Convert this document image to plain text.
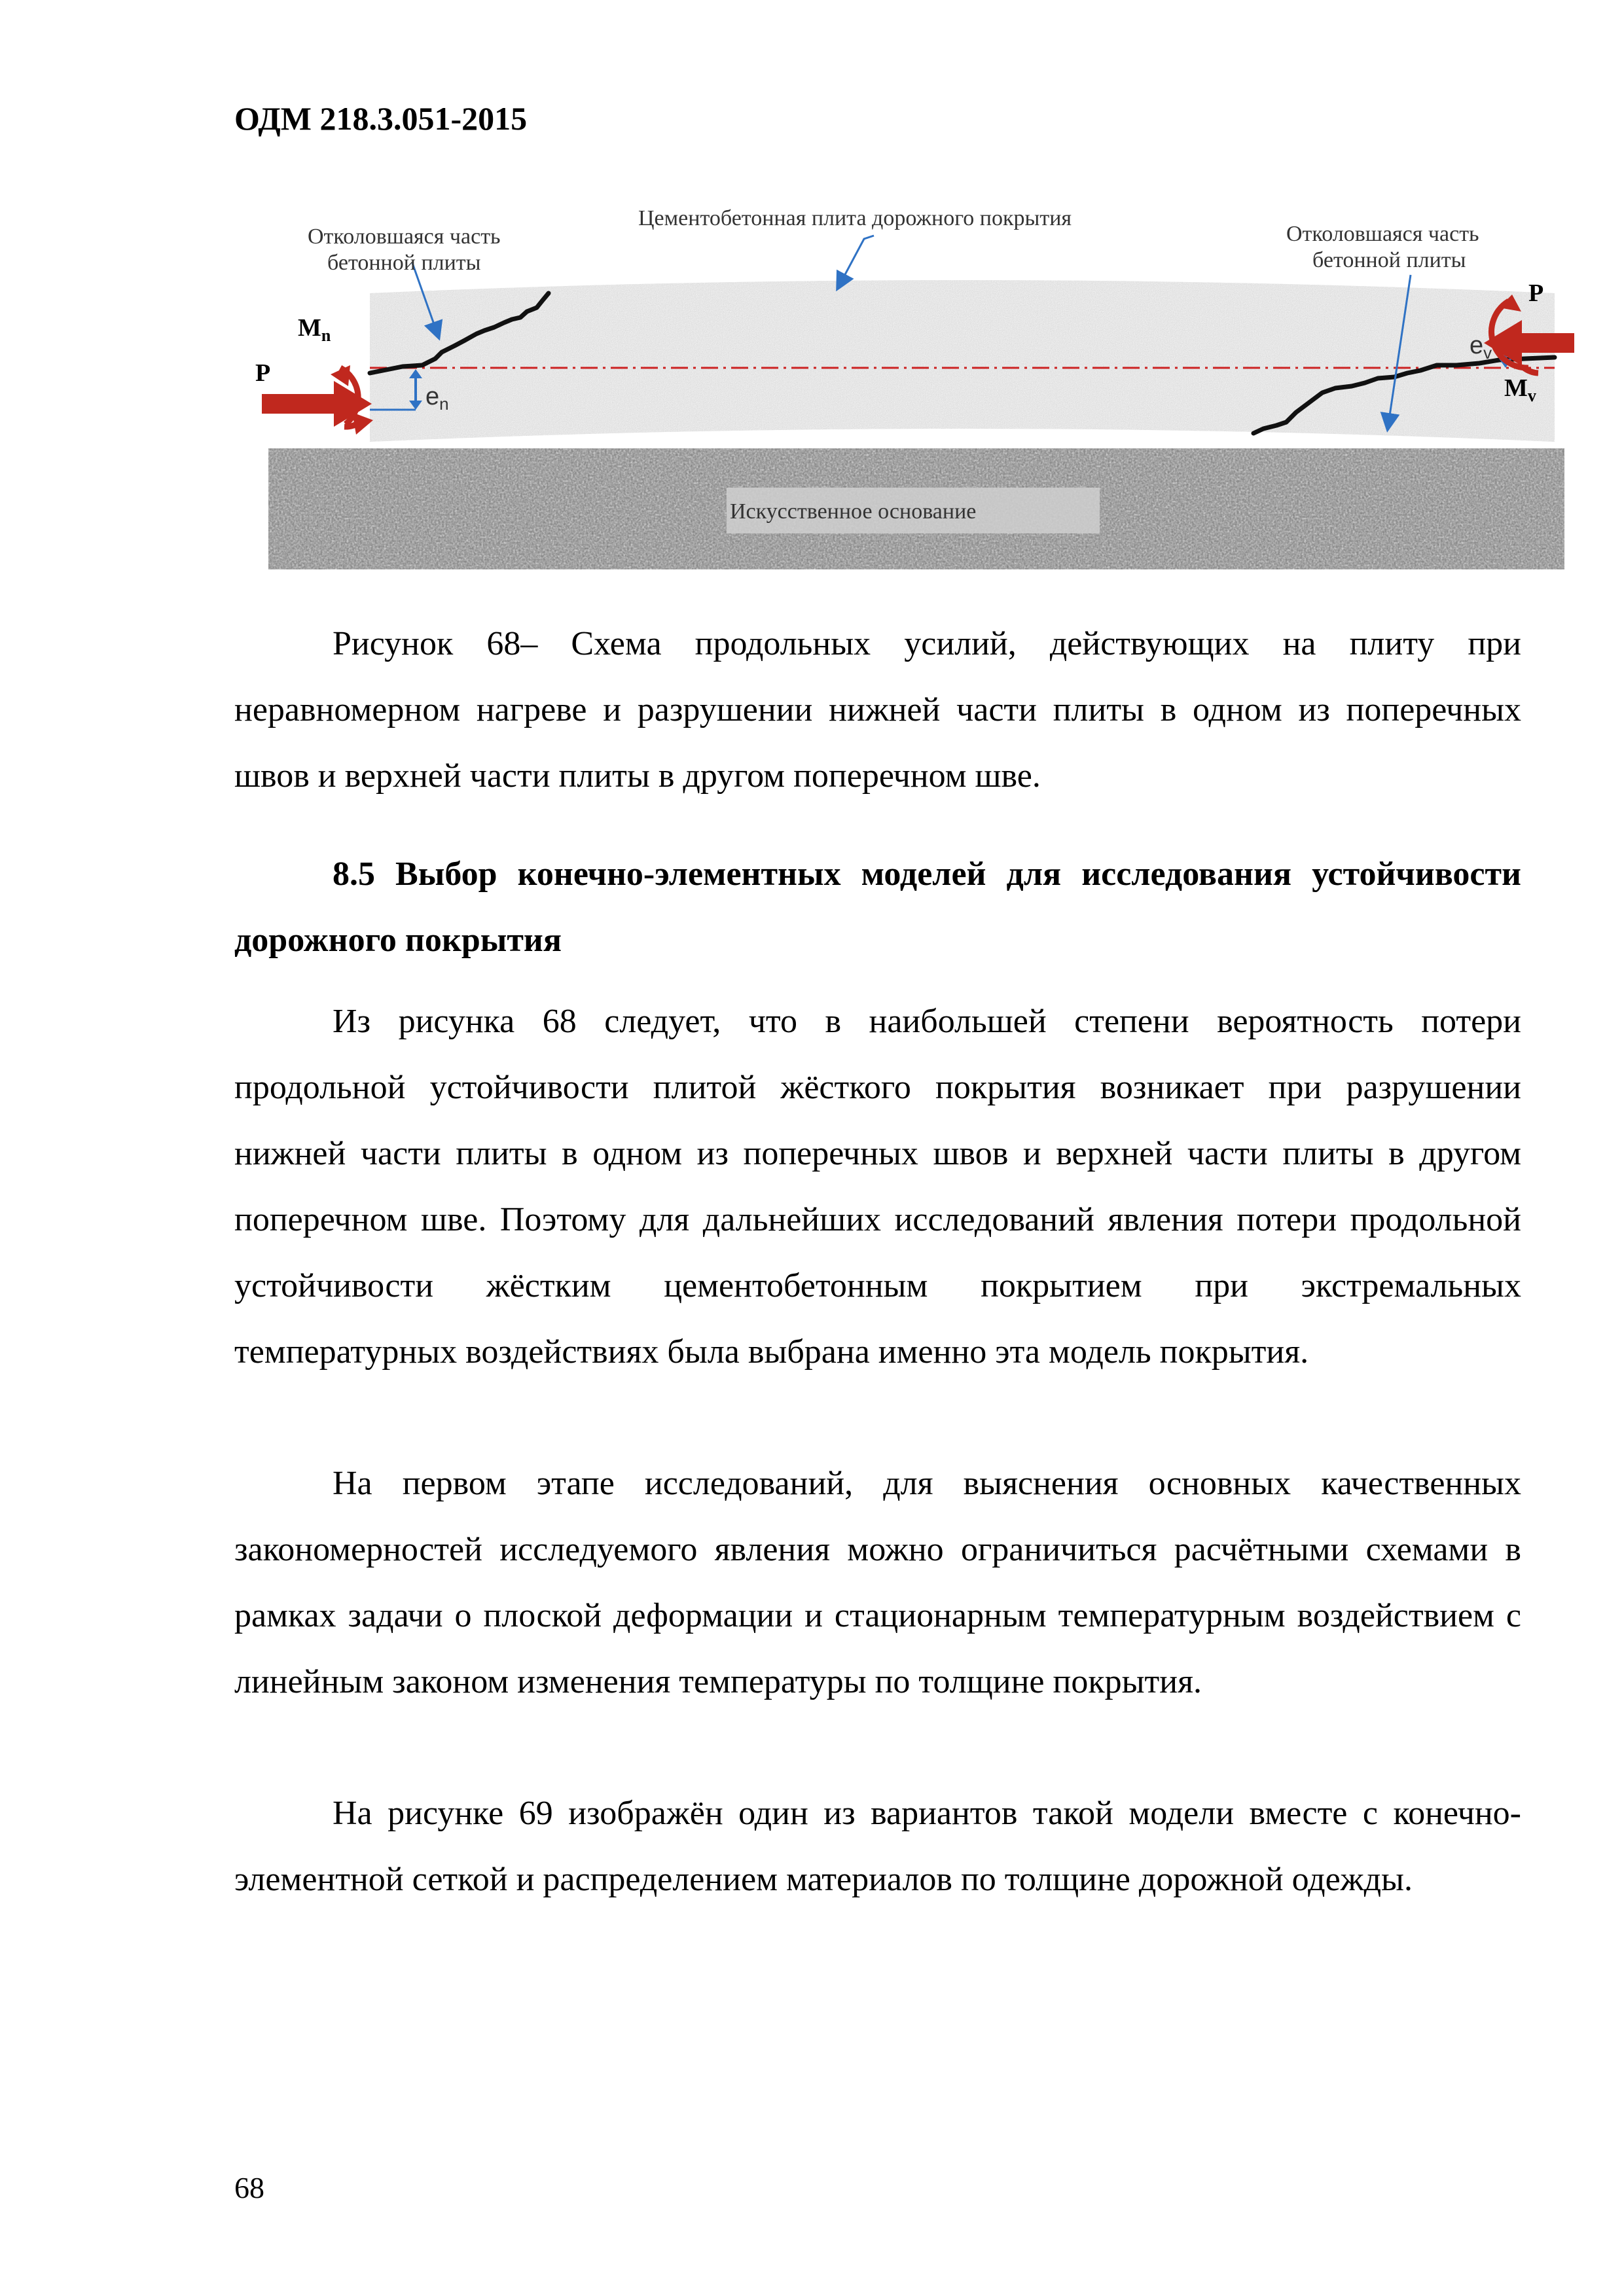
ОДМ 218.3.051-2015
Цементобетонная плита дорожного покрытия
Отколовшаяся часть
бетонной плиты
Отколовшаяся часть
бетонной плиты
Искусственное основание
P
P
$M_n$
$M_v$
$e_n$
$e_v$

Рисунок 68– Схема продольных усилий, действующих на плиту при неравномерном нагреве и разрушении нижней части плиты в одном из поперечных швов и верхней части плиты в другом поперечном шве.

8.5 Выбор конечно-элементных моделей для исследования устойчивости дорожного покрытия

Из рисунка 68 следует, что в наибольшей степени вероятность потери продольной устойчивости плитой жёсткого покрытия возникает при разрушении нижней части плиты в одном из поперечных швов и верхней части плиты в другом поперечном шве. Поэтому для дальнейших исследований явления потери продольной устойчивости жёстким цементобетонным покрытием при экстремальных температурных воздействиях была выбрана именно эта модель покрытия.

На первом этапе исследований, для выяснения основных качественных закономерностей исследуемого явления можно ограничиться расчётными схемами в рамках задачи о плоской деформации и стационарным температурным воздействием с линейным законом изменения температуры по толщине покрытия.

На рисунке 69 изображён один из вариантов такой модели вместе с конечно-элементной сеткой и распределением материалов по толщине дорожной одежды.

68
